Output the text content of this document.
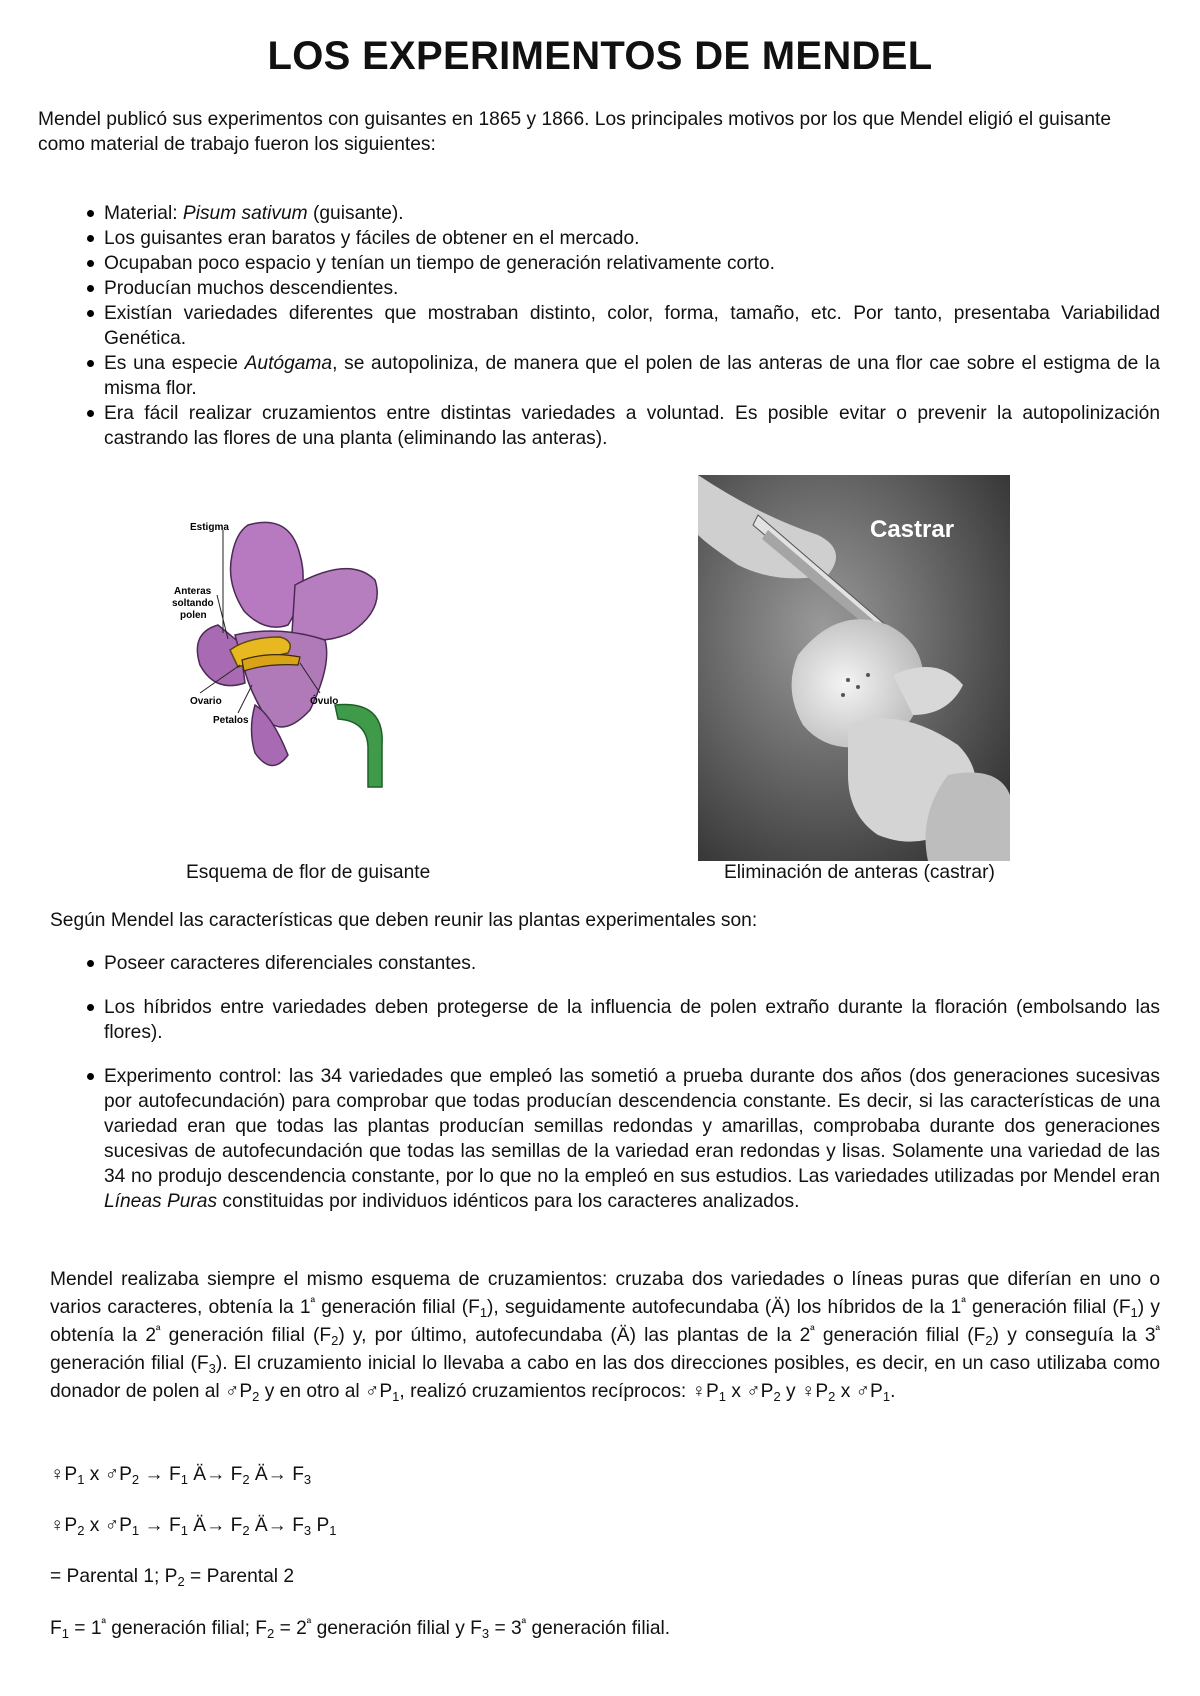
LOS EXPERIMENTOS DE MENDEL

Mendel publicó sus experimentos con guisantes en 1865 y 1866. Los principales motivos por los que Mendel eligió el guisante como material de trabajo fueron los siguientes:

Material: Pisum sativum (guisante).
Los guisantes eran baratos y fáciles de obtener en el mercado.
Ocupaban poco espacio y tenían un tiempo de generación relativamente corto.
Producían muchos descendientes.
Existían variedades diferentes que mostraban distinto, color, forma, tamaño, etc. Por tanto, presentaba Variabilidad Genética.
Es una especie Autógama, se autopoliniza, de manera que el polen de las anteras de una flor cae sobre el estigma de la misma flor.
Era fácil realizar cruzamientos entre distintas variedades a voluntad. Es posible evitar o prevenir la autopolinización castrando las flores de una planta (eliminando las anteras).
Estigma
Anteras
soltando
polen
Ovario	Óvulo
Petalos
Castrar
Esquema de flor de guisante	Eliminación de anteras (castrar)

Según Mendel las características que deben reunir las plantas experimentales son:

Poseer caracteres diferenciales constantes.
Los híbridos entre variedades deben protegerse de la influencia de polen extraño durante la floración (embolsando las flores).
Experimento control: las 34 variedades que empleó las sometió a prueba durante dos años (dos generaciones sucesivas por autofecundación) para comprobar que todas producían descendencia constante. Es decir, si las características de una variedad eran que todas las plantas producían semillas redondas y amarillas, comprobaba durante dos generaciones sucesivas de autofecundación que todas las semillas de la variedad eran redondas y lisas. Solamente una variedad de las 34 no produjo descendencia constante, por lo que no la empleó en sus estudios. Las variedades utilizadas por Mendel eran Líneas Puras constituidas por individuos idénticos para los caracteres analizados.

Mendel realizaba siempre el mismo esquema de cruzamientos: cruzaba dos variedades o líneas puras que diferían en uno o varios caracteres, obtenía la $1^ª$ generación filial $(F_1)$, seguidamente autofecundaba (Ä) los híbridos de la $1^ª$ generación filial $(F_1)$ y obtenía la $2^ª$ generación filial $(F_2)$ y, por último, autofecundaba (Ä) las plantas de la $2^ª$ generación filial $(F_2)$ y conseguía la $3^ª$ generación filial $(F_3)$. El cruzamiento inicial lo llevaba a cabo en las dos direcciones posibles, es decir, en un caso utilizaba como donador de polen al $♂P_2$ y en otro al $♂P_1$, realizó cruzamientos recíprocos: $♀P_1$ x $♂P_2$ y $♀P_2$ x $♂P_1$.

$♀P_1$ x $♂P_2 \to F_1$ Ä→ $F_2$ Ä→ $F_3$

$♀P_2$ x $♂P_1 \to F_1$ Ä→ $F_2$ Ä→ $F_3$ $P_1$

= Parental 1; $P_2$ = Parental 2

$F_1 = 1^ª$ generación filial; $F_2 = 2^ª$ generación filial y $F_3 = 3^ª$ generación filial.
